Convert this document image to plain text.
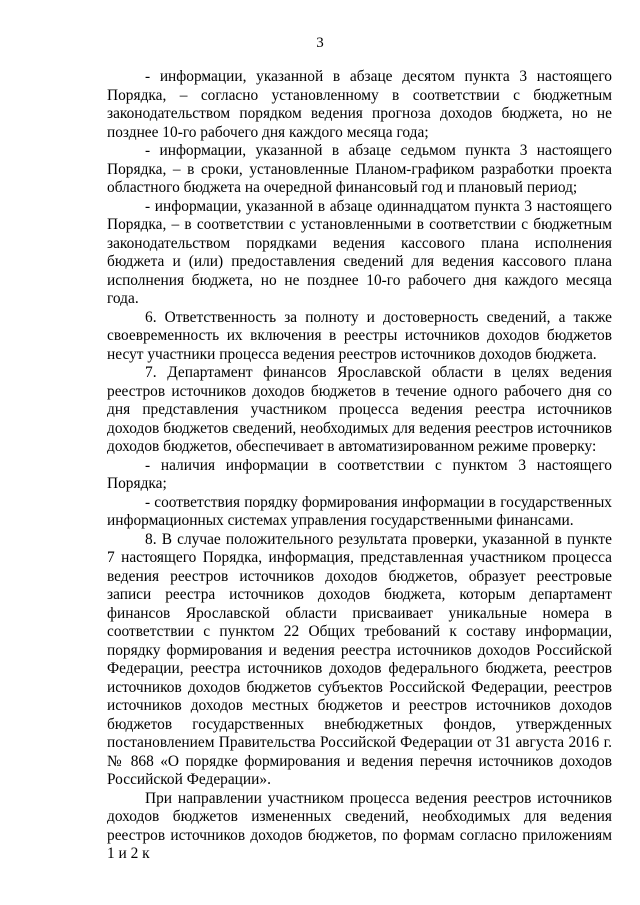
3

- информации, указанной в абзаце десятом пункта 3 настоящего Порядка, – согласно установленному в соответствии с бюджетным законодательством порядком ведения прогноза доходов бюджета, но не позднее 10-го рабочего дня каждого месяца года;

- информации, указанной в абзаце седьмом пункта 3 настоящего Порядка, – в сроки, установленные Планом-графиком разработки проекта областного бюджета на очередной финансовый год и плановый период;

- информации, указанной в абзаце одиннадцатом пункта 3 настоящего Порядка, – в соответствии с установленными в соответствии с бюджетным законодательством порядками ведения кассового плана исполнения бюджета и (или) предоставления сведений для ведения кассового плана исполнения бюджета, но не позднее 10-го рабочего дня каждого месяца года.

6. Ответственность за полноту и достоверность сведений, а также своевременность их включения в реестры источников доходов бюджетов несут участники процесса ведения реестров источников доходов бюджета.

7. Департамент финансов Ярославской области в целях ведения реестров источников доходов бюджетов в течение одного рабочего дня со дня представления участником процесса ведения реестра источников доходов бюджетов сведений, необходимых для ведения реестров источников доходов бюджетов, обеспечивает в автоматизированном режиме проверку:

- наличия информации в соответствии с пунктом 3 настоящего Порядка;

- соответствия порядку формирования информации в государственных информационных системах управления государственными финансами.

8. В случае положительного результата проверки, указанной в пункте 7 настоящего Порядка, информация, представленная участником процесса ведения реестров источников доходов бюджетов, образует реестровые записи реестра источников доходов бюджета, которым департамент финансов Ярославской области присваивает уникальные номера в соответствии с пунктом 22 Общих требований к составу информации, порядку формирования и ведения реестра источников доходов Российской Федерации, реестра источников доходов федерального бюджета, реестров источников доходов бюджетов субъектов Российской Федерации, реестров источников доходов местных бюджетов и реестров источников доходов бюджетов государственных внебюджетных фондов, утвержденных постановлением Правительства Российской Федерации от 31 августа 2016 г. № 868 «О порядке формирования и ведения перечня источников доходов Российской Федерации».

При направлении участником процесса ведения реестров источников доходов бюджетов измененных сведений, необходимых для ведения реестров источников доходов бюджетов, по формам согласно приложениям 1 и 2 к
